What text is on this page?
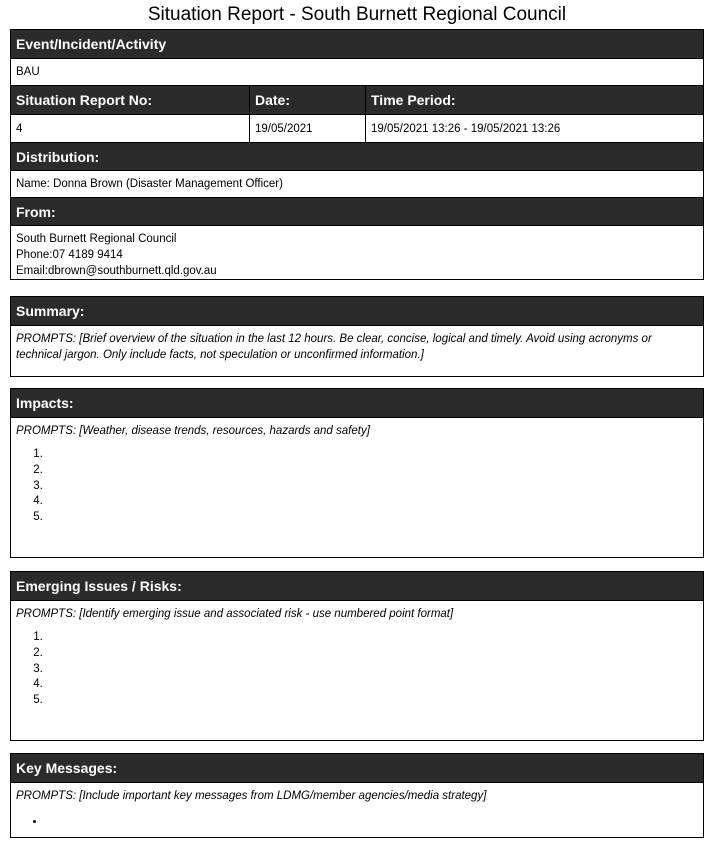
Situation Report - South Burnett Regional Council
Event/Incident/Activity
BAU
Situation Report No:	Date:	Time Period:
4	19/05/2021	19/05/2021 13:26 - 19/05/2021 13:26
Distribution:
Name: Donna Brown (Disaster Management Officer)
From:
South Burnett Regional Council
Phone:07 4189 9414
Email:dbrown@southburnett.qld.gov.au
Summary:
PROMPTS: [Brief overview of the situation in the last 12 hours. Be clear, concise, logical and timely. Avoid using acronyms or technical jargon. Only include facts, not speculation or unconfirmed information.]
Impacts:
PROMPTS: [Weather, disease trends, resources, hazards and safety]
1.
2.
3.
4.
5.
Emerging Issues / Risks:
PROMPTS: [Identify emerging issue and associated risk - use numbered point format]
1.
2.
3.
4.
5.
Key Messages:
PROMPTS: [Include important key messages from LDMG/member agencies/media strategy]
•
